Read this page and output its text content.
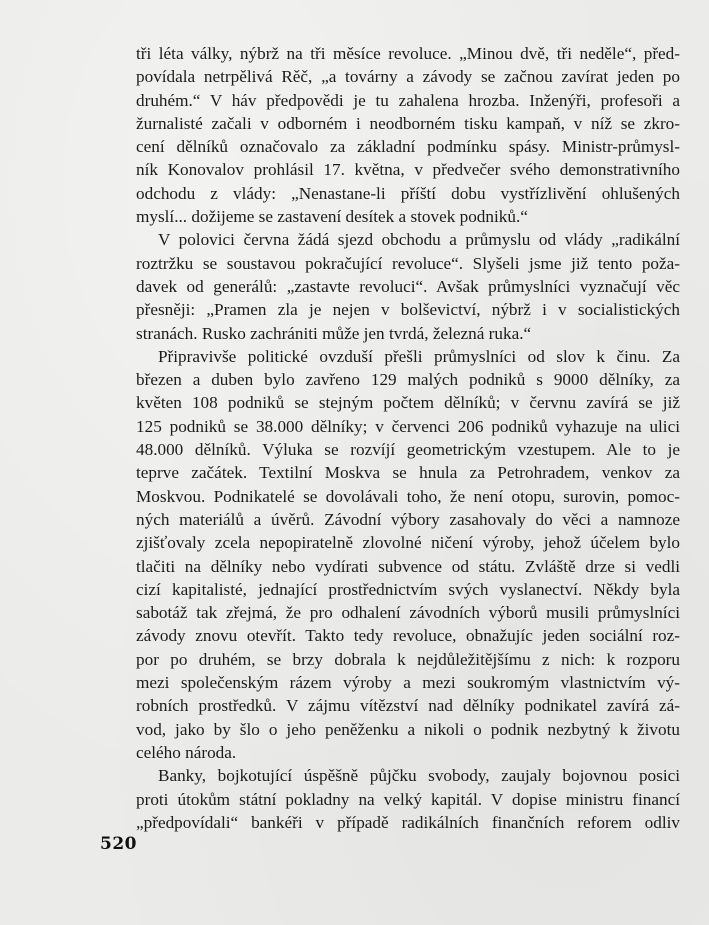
tři léta války, nýbrž na tři měsíce revoluce. „Minou dvě, tři neděle“, před-
povídala netrpělivá Rěč, „a továrny a závody se začnou zavírat jeden po
druhém.“ V háv předpovědi je tu zahalena hrozba. Inženýři, profesoři a
žurnalisté začali v odborném i neodborném tisku kampaň, v níž se zkro-
cení dělníků označovalo za základní podmínku spásy. Ministr-průmysl-
ník Konovalov prohlásil 17. května, v předvečer svého demonstrativního
odchodu z vlády: „Nenastane-li příští dobu vystřízlivění ohlušených
myslí... dožijeme se zastavení desítek a stovek podniků.“
V polovici června žádá sjezd obchodu a průmyslu od vlády „radikální
roztržku se soustavou pokračující revoluce“. Slyšeli jsme již tento poža-
davek od generálů: „zastavte revoluci“. Avšak průmyslníci vyznačují věc
přesněji: „Pramen zla je nejen v bolševictví, nýbrž i v socialistických
stranách. Rusko zachrániti může jen tvrdá, železná ruka.“
Připravivše politické ovzduší přešli průmyslníci od slov k činu. Za
březen a duben bylo zavřeno 129 malých podniků s 9000 dělníky, za
květen 108 podniků se stejným počtem dělníků; v červnu zavírá se již
125 podniků se 38.000 dělníky; v červenci 206 podniků vyhazuje na ulici
48.000 dělníků. Výluka se rozvíjí geometrickým vzestupem. Ale to je
teprve začátek. Textilní Moskva se hnula za Petrohradem, venkov za
Moskvou. Podnikatelé se dovolávali toho, že není otopu, surovin, pomoc-
ných materiálů a úvěrů. Závodní výbory zasahovaly do věci a namnoze
zjišťovaly zcela nepopiratelně zlovolné ničení výroby, jehož účelem bylo
tlačiti na dělníky nebo vydírati subvence od státu. Zvláště drze si vedli
cizí kapitalisté, jednající prostřednictvím svých vyslanectví. Někdy byla
sabotáž tak zřejmá, že pro odhalení závodních výborů musili průmyslníci
závody znovu otevřít. Takto tedy revoluce, obnažujíc jeden sociální roz-
por po druhém, se brzy dobrala k nejdůležitějšímu z nich: k rozporu
mezi společenským rázem výroby a mezi soukromým vlastnictvím vý-
robních prostředků. V zájmu vítězství nad dělníky podnikatel zavírá zá-
vod, jako by šlo o jeho peněženku a nikoli o podnik nezbytný k životu
celého národa.
Banky, bojkotující úspěšně půjčku svobody, zaujaly bojovnou posici
proti útokům státní pokladny na velký kapitál. V dopise ministru financí
„předpovídali“ bankéři v případě radikálních finančních reforem odliv
520
